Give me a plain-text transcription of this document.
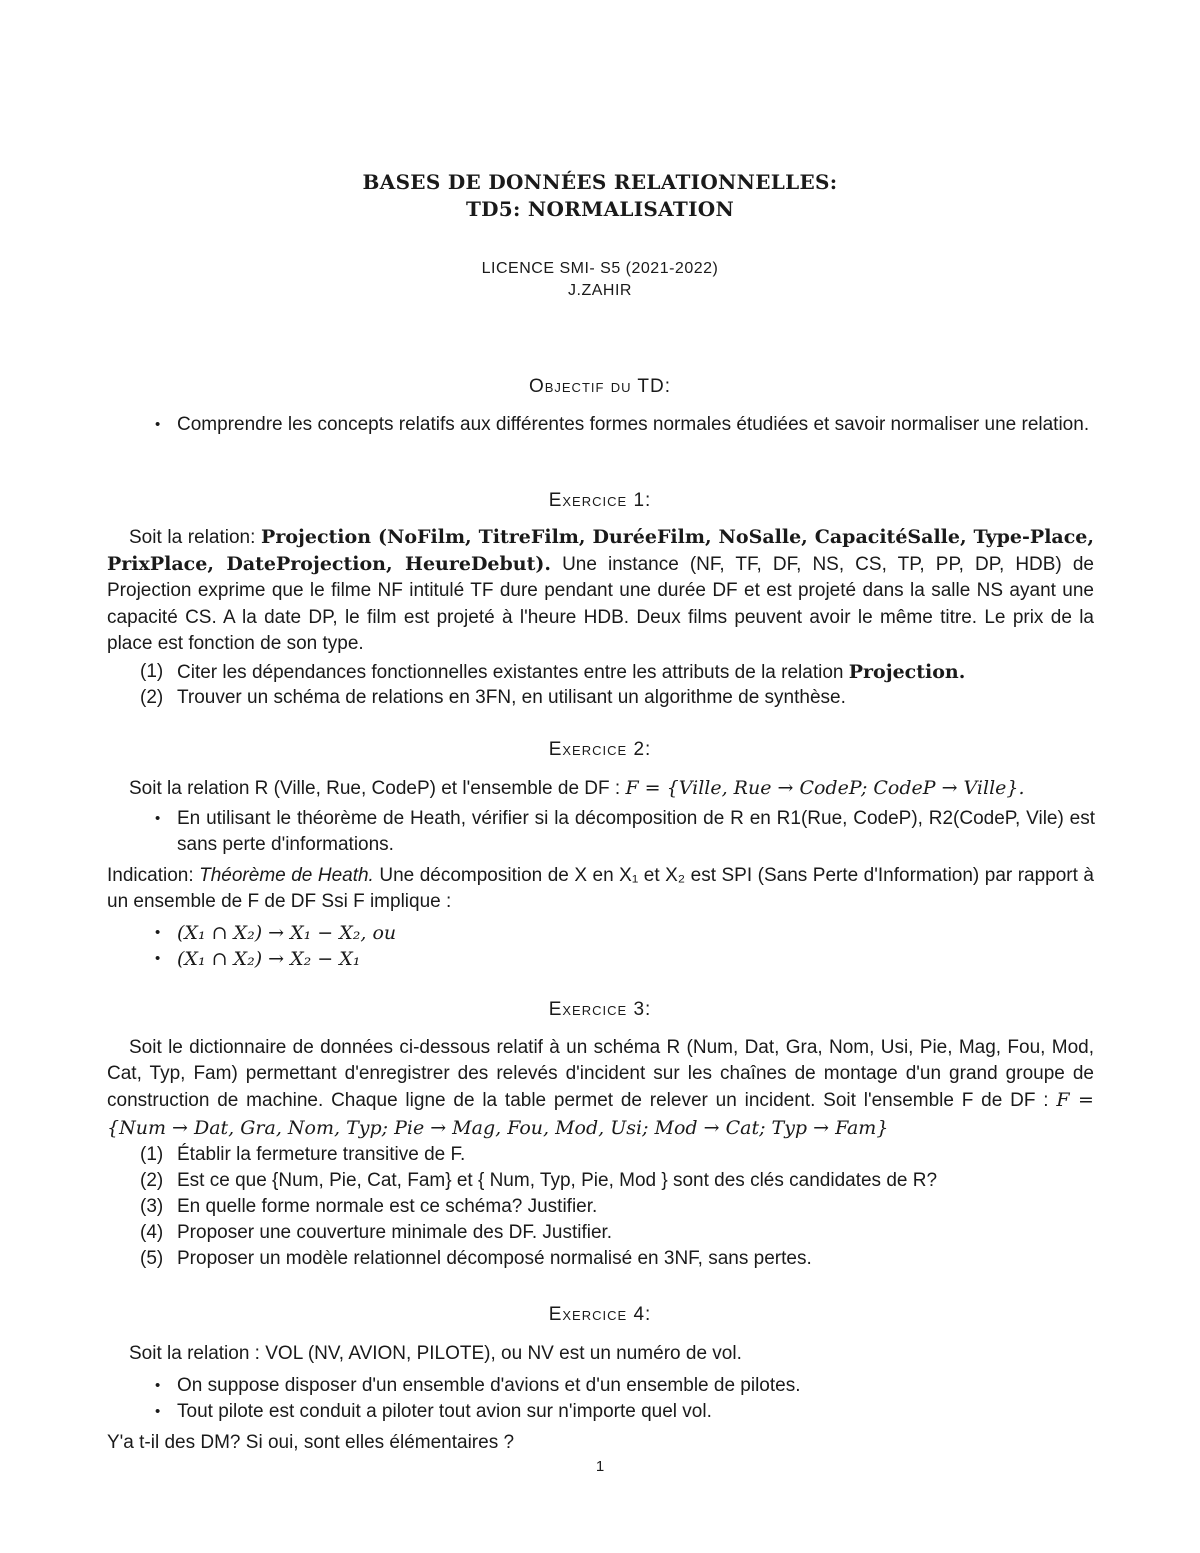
BASES DE DONNÉES RELATIONNELLES:
TD5: NORMALISATION
LICENCE SMI- S5 (2021-2022)
J.ZAHIR
Objectif du TD:
• Comprendre les concepts relatifs aux différentes formes normales étudiées et savoir normaliser une relation.
Exercice 1:
Soit la relation: Projection (NoFilm, TitreFilm, DuréeFilm, NoSalle, CapacitéSalle, Type-Place, PrixPlace, DateProjection, HeureDebut). Une instance (NF, TF, DF, NS, CS, TP, PP, DP, HDB) de Projection exprime que le filme NF intitulé TF dure pendant une durée DF et est projeté dans la salle NS ayant une capacité CS. A la date DP, le film est projeté à l'heure HDB. Deux films peuvent avoir le même titre. Le prix de la place est fonction de son type.
(1) Citer les dépendances fonctionnelles existantes entre les attributs de la relation Projection.
(2) Trouver un schéma de relations en 3FN, en utilisant un algorithme de synthèse.
Exercice 2:
Soit la relation R (Ville, Rue, CodeP) et l'ensemble de DF : F = {Ville, Rue → CodeP; CodeP → Ville}.
• En utilisant le théorème de Heath, vérifier si la décomposition de R en R1(Rue, CodeP), R2(CodeP, Vile) est sans perte d'informations.
Indication: Théorème de Heath. Une décomposition de X en X₁ et X₂ est SPI (Sans Perte d'Information) par rapport à un ensemble de F de DF Ssi F implique :
• (X₁ ∩ X₂) → X₁ − X₂, ou
• (X₁ ∩ X₂) → X₂ − X₁
Exercice 3:
Soit le dictionnaire de données ci-dessous relatif à un schéma R (Num, Dat, Gra, Nom, Usi, Pie, Mag, Fou, Mod, Cat, Typ, Fam) permettant d'enregistrer des relevés d'incident sur les chaînes de montage d'un grand groupe de construction de machine. Chaque ligne de la table permet de relever un incident. Soit l'ensemble F de DF : F = {Num → Dat, Gra, Nom, Typ; Pie → Mag, Fou, Mod, Usi; Mod → Cat; Typ → Fam}
(1) Établir la fermeture transitive de F.
(2) Est ce que {Num, Pie, Cat, Fam} et { Num, Typ, Pie, Mod } sont des clés candidates de R?
(3) En quelle forme normale est ce schéma? Justifier.
(4) Proposer une couverture minimale des DF. Justifier.
(5) Proposer un modèle relationnel décomposé normalisé en 3NF, sans pertes.
Exercice 4:
Soit la relation : VOL (NV, AVION, PILOTE), ou NV est un numéro de vol.
• On suppose disposer d'un ensemble d'avions et d'un ensemble de pilotes.
• Tout pilote est conduit a piloter tout avion sur n'importe quel vol.
Y'a t-il des DM? Si oui, sont elles élémentaires ?
1
